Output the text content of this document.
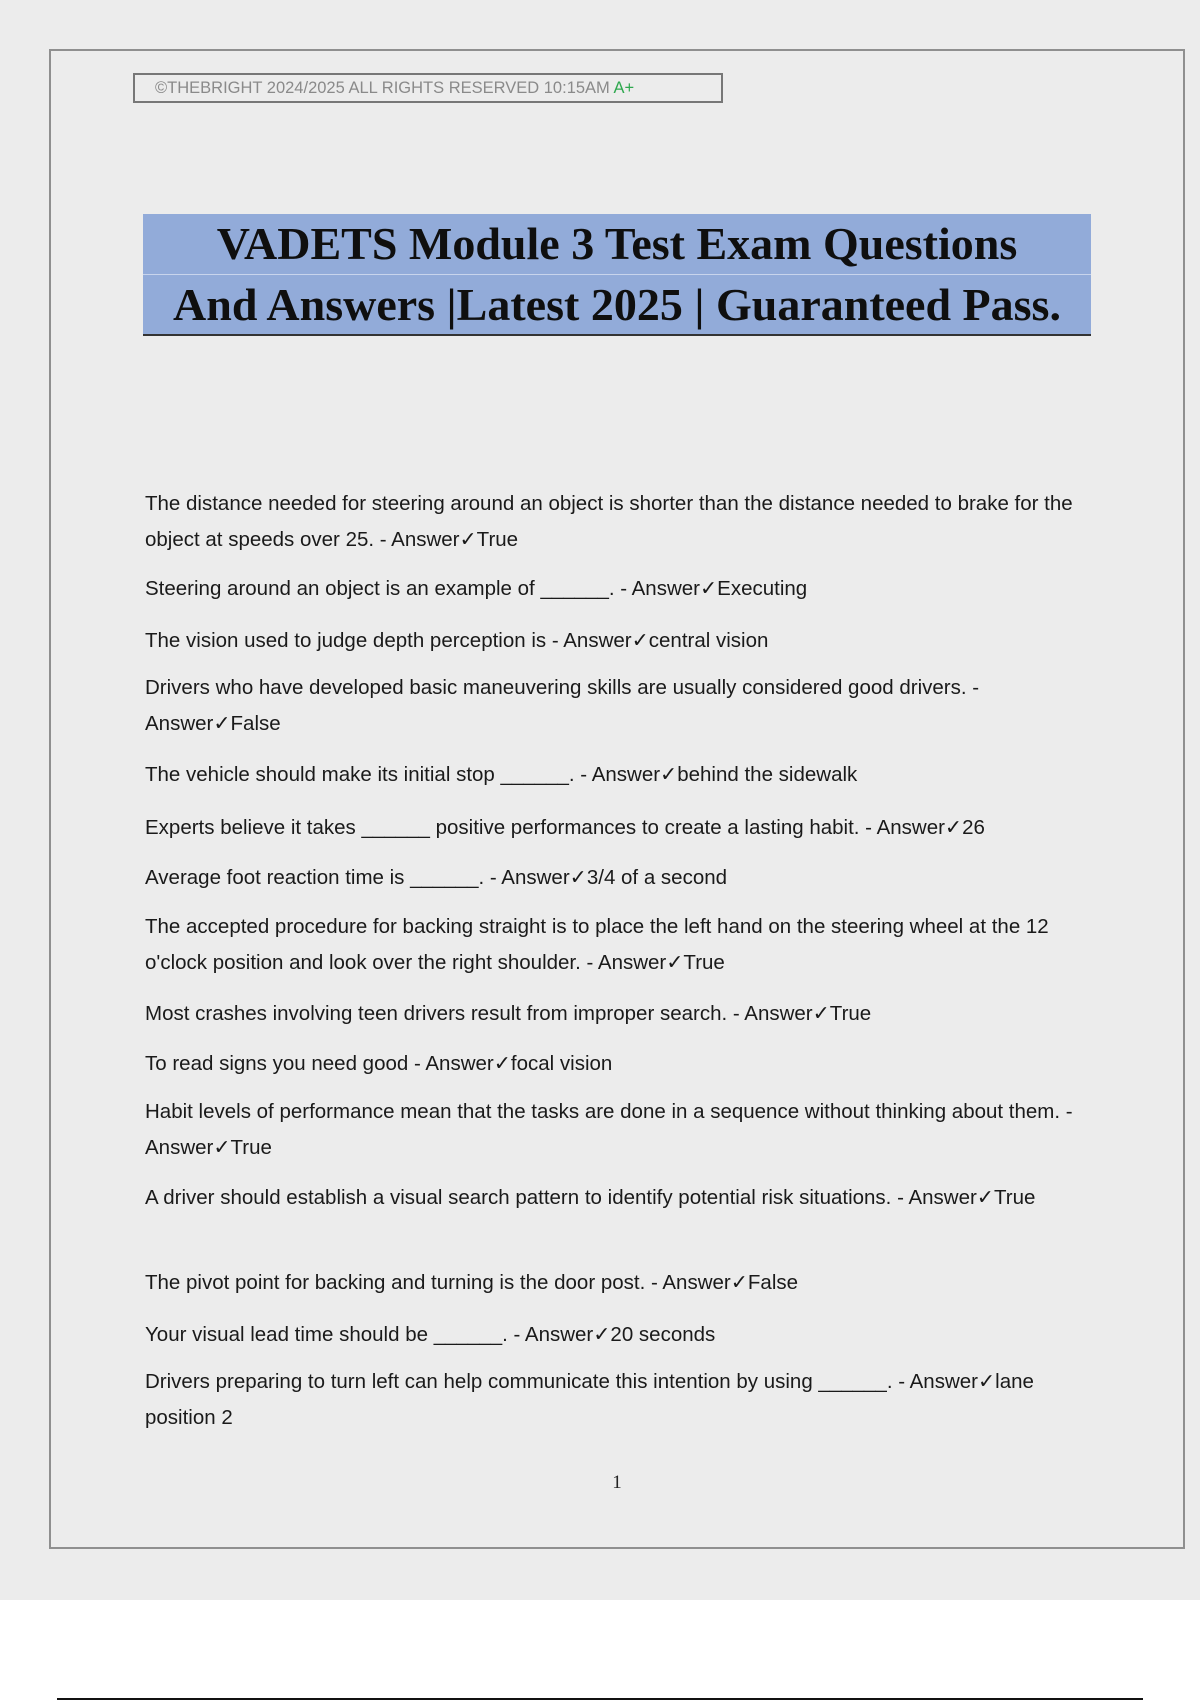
©THEBRIGHT 2024/2025 ALL RIGHTS RESERVED 10:15AM A+
VADETS Module 3 Test Exam Questions
And Answers |Latest 2025 | Guaranteed Pass.

The distance needed for steering around an object is shorter than the distance needed to brake for the object at speeds over 25. - Answer✓True

Steering around an object is an example of ______. - Answer✓Executing

The vision used to judge depth perception is - Answer✓central vision

Drivers who have developed basic maneuvering skills are usually considered good drivers. - Answer✓False

The vehicle should make its initial stop ______. - Answer✓behind the sidewalk

Experts believe it takes ______ positive performances to create a lasting habit. - Answer✓26

Average foot reaction time is ______. - Answer✓3/4 of a second

The accepted procedure for backing straight is to place the left hand on the steering wheel at the 12 o'clock position and look over the right shoulder. - Answer✓True

Most crashes involving teen drivers result from improper search. - Answer✓True

To read signs you need good - Answer✓focal vision

Habit levels of performance mean that the tasks are done in a sequence without thinking about them. - Answer✓True

A driver should establish a visual search pattern to identify potential risk situations. - Answer✓True

The pivot point for backing and turning is the door post. - Answer✓False

Your visual lead time should be ______. - Answer✓20 seconds

Drivers preparing to turn left can help communicate this intention by using ______. - Answer✓lane position 2

1
